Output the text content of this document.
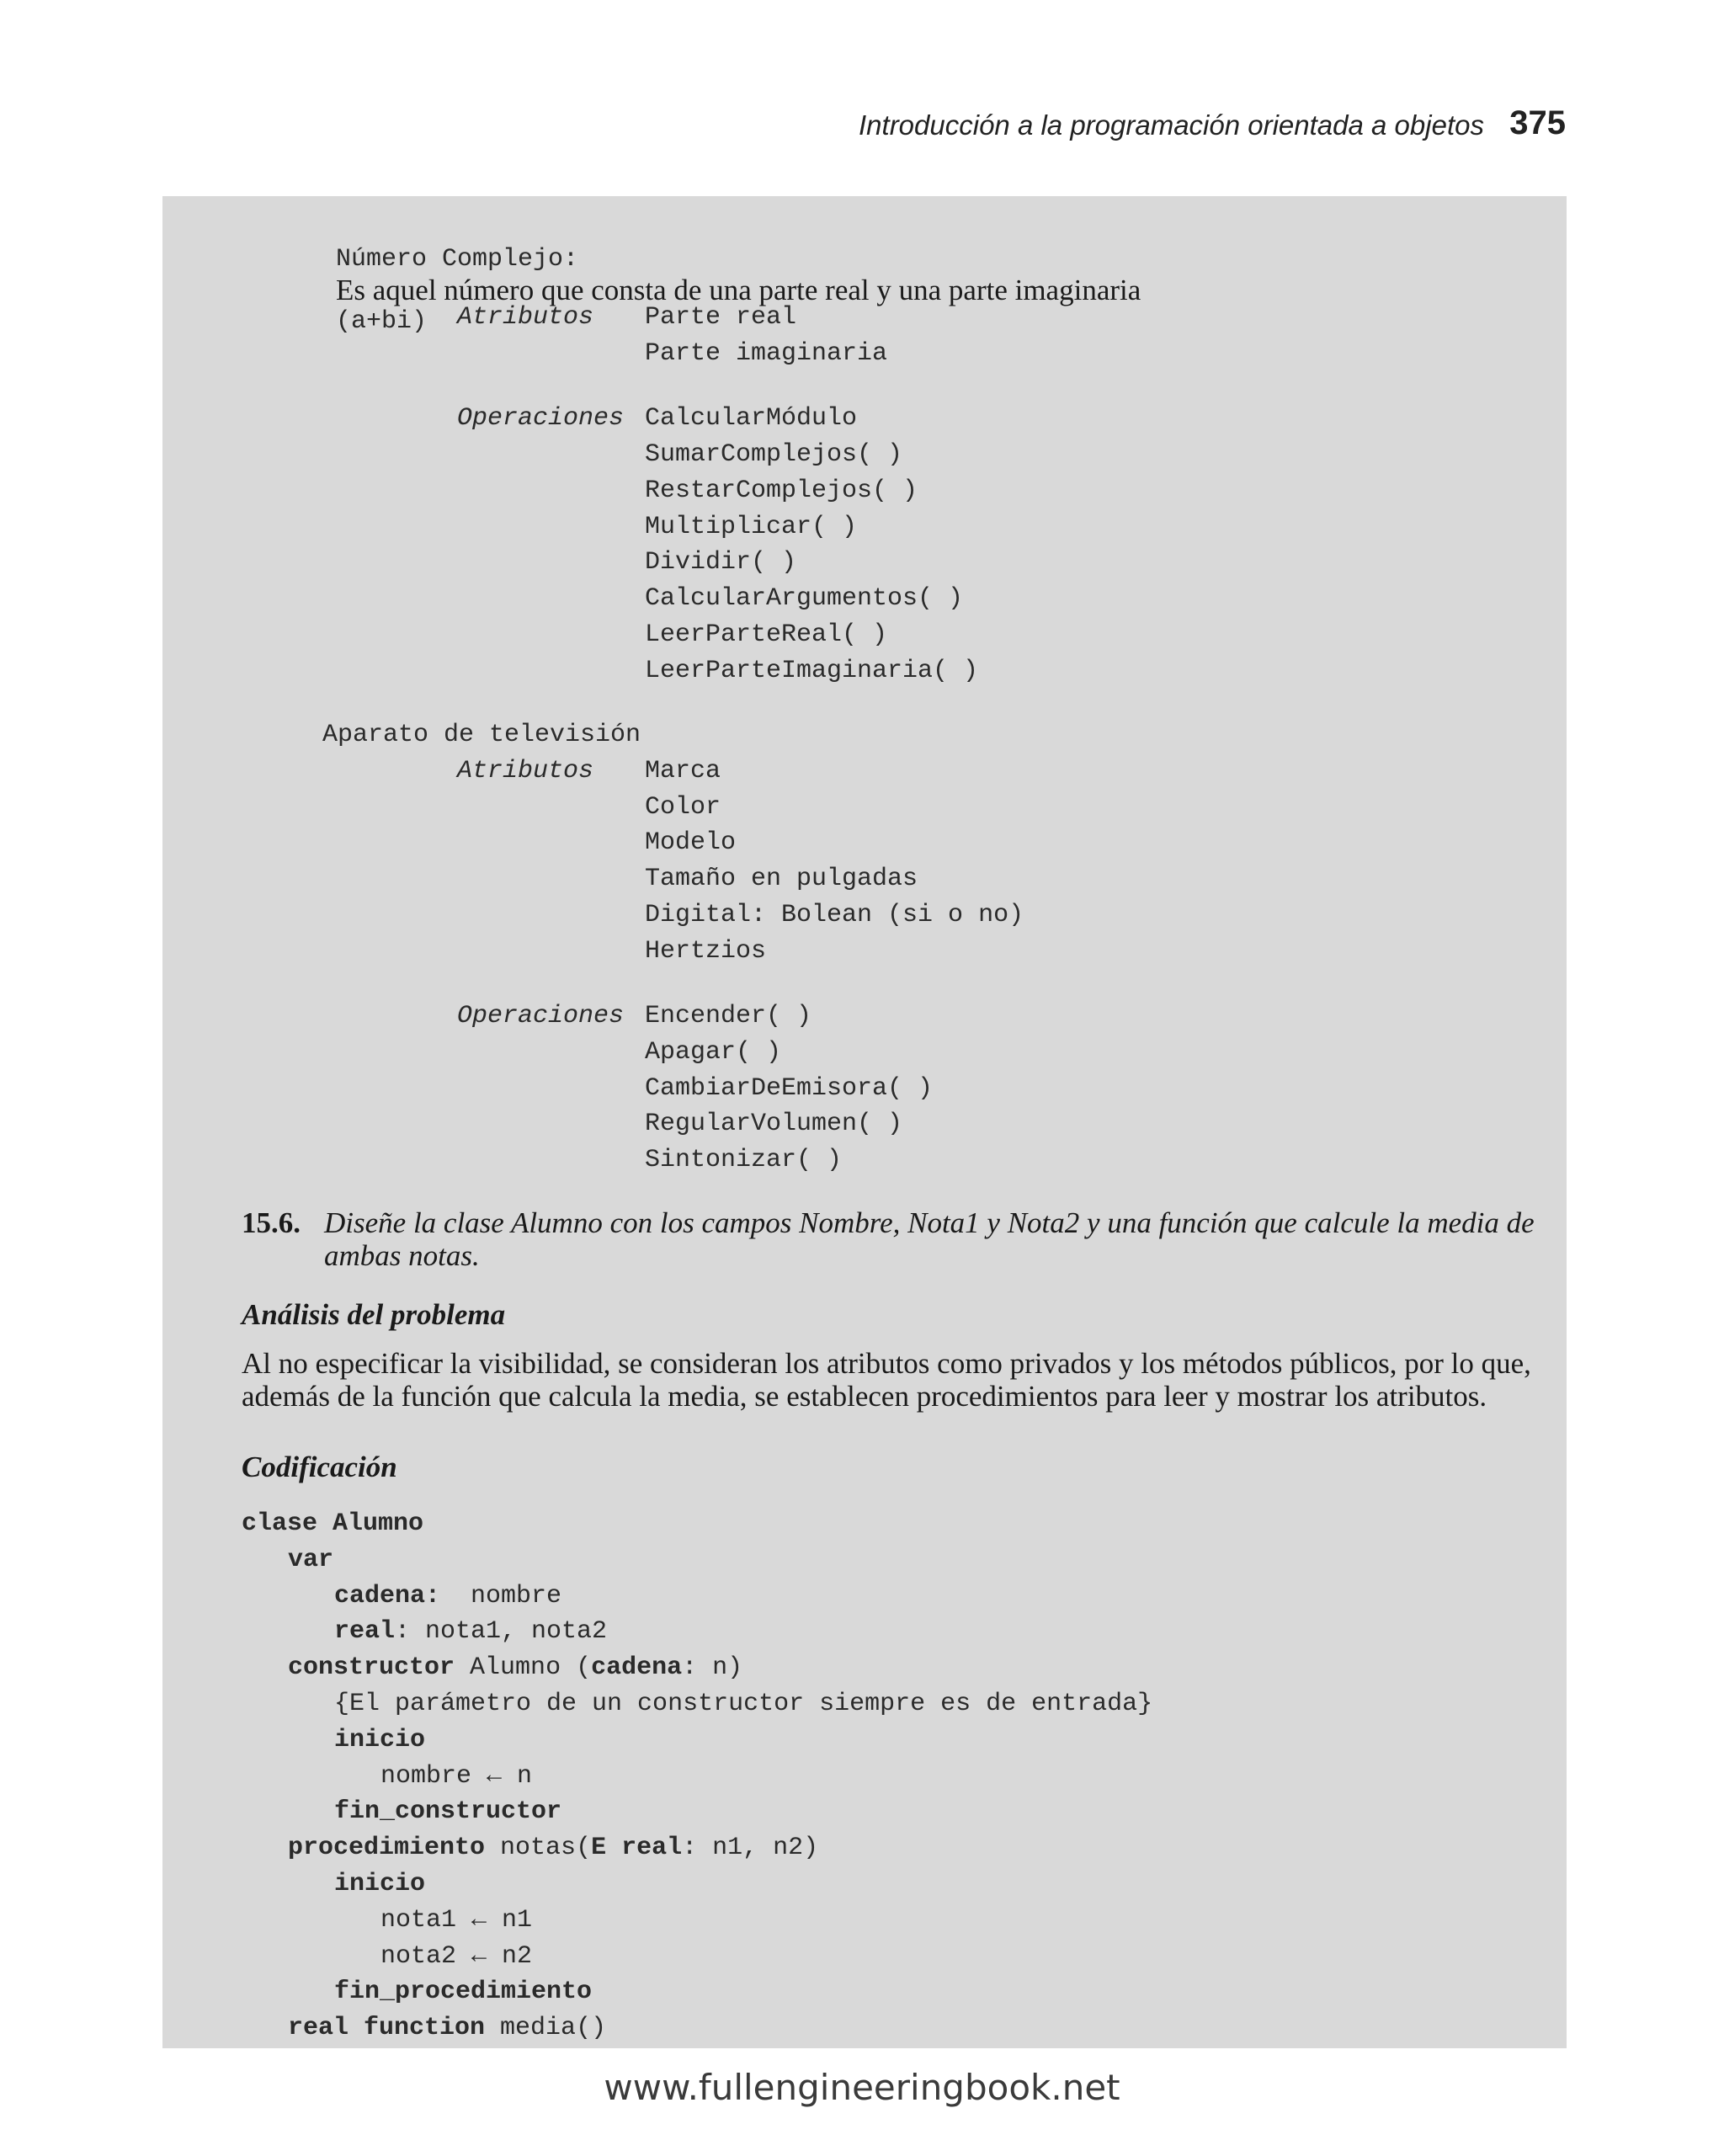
Introducción a la programación orientada a objetos 375

Número Complejo:
Es aquel número que consta de una parte real y una parte imaginaria
(a+bi)
	Atributos Parte real
Parte imaginaria
Operaciones CalcularMódulo
SumarComplejos( )
RestarComplejos( )
Multiplicar( )
Dividir( )
CalcularArgumentos( )
LeerParteReal( )
LeerParteImaginaria( )
Aparato de televisión
Atributos Marca
Color
Modelo
Tamaño en pulgadas
Digital: Bolean (si o no)
Hertzios
Operaciones Encender( )
Apagar( )
CambiarDeEmisora( )
RegularVolumen( )
Sintonizar( )
15.6. Diseñe la clase Alumno con los campos Nombre, Nota1 y Nota2 y una función que calcule la media de
ambas notas.
Análisis del problema
Al no especificar la visibilidad, se consideran los atributos como privados y los métodos públicos, por lo que,
además de la función que calcula la media, se establecen procedimientos para leer y mostrar los atributos.
Codificación
clase Alumno
var
cadena:  nombre
real: nota1, nota2
constructor Alumno (cadena: n)
{El parámetro de un constructor siempre es de entrada}
inicio
nombre ← n
fin_constructor
procedimiento notas(E real: n1, n2)
inicio
nota1 ← n1
nota2 ← n2
fin_procedimiento
real function media()
www.fullengineeringbook.net
